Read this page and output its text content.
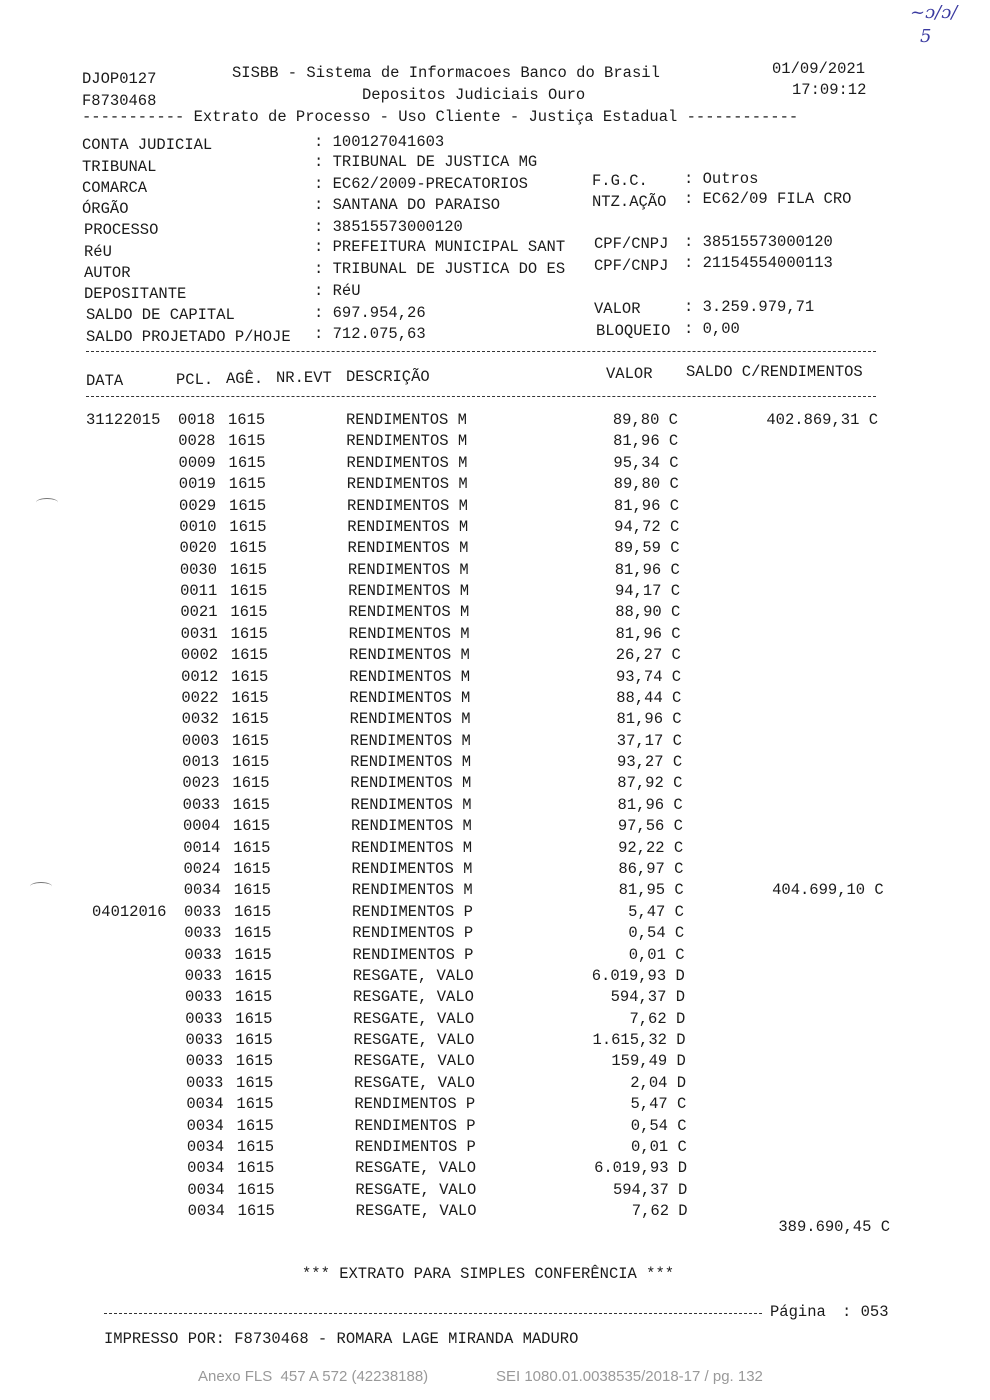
~ɔ/ɔ/
5
DJOP0127
F8730468
SISBB - Sistema de Informacoes Banco do Brasil
Depositos Judiciais Ouro
01/09/2021
17:09:12
----------- Extrato de Processo - Uso Cliente - Justiça Estadual ------------
CONTA JUDICIAL	: 100127041603
TRIBUNAL	: TRIBUNAL DE JUSTICA MG
COMARCA	: EC62/2009-PRECATORIOS	F.G.C. : Outros
ÓRGÃO	: SANTANA DO PARAISO	NTZ.AÇÃO : EC62/09 FILA CRO
PROCESSO	: 38515573000120
RéU	: PREFEITURA MUNICIPAL SANT CPF/CNPJ : 38515573000120
AUTOR	: TRIBUNAL DE JUSTICA DO ES CPF/CNPJ : 21154554000113
DEPOSITANTE	: RéU
SALDO DE CAPITAL	: 697.954,26	VALOR	: 3.259.979,71
SALDO PROJETADO P/HOJE : 712.075,63	BLOQUEIO : 0,00
DATA	PCL. AGÊ. NR.EVT DESCRIÇÃO	VALOR SALDO C/RENDIMENTOS
31122015 0018 1615	RENDIMENTOS M	89,80 C	402.869,31 C
0028 1615	RENDIMENTOS M	81,96 C
0009 1615	RENDIMENTOS M	95,34 C
0019 1615	RENDIMENTOS M	89,80 C
0029 1615	RENDIMENTOS M	81,96 C
0010 1615	RENDIMENTOS M	94,72 C
0020 1615	RENDIMENTOS M	89,59 C
0030 1615	RENDIMENTOS M	81,96 C
0011 1615	RENDIMENTOS M	94,17 C
0021 1615	RENDIMENTOS M	88,90 C
0031 1615	RENDIMENTOS M	81,96 C
0002 1615	RENDIMENTOS M	26,27 C
0012 1615	RENDIMENTOS M	93,74 C
0022 1615	RENDIMENTOS M	88,44 C
0032 1615	RENDIMENTOS M	81,96 C
0003 1615	RENDIMENTOS M	37,17 C
0013 1615	RENDIMENTOS M	93,27 C
0023 1615	RENDIMENTOS M	87,92 C
0033 1615	RENDIMENTOS M	81,96 C
0004 1615	RENDIMENTOS M	97,56 C
0014 1615	RENDIMENTOS M	92,22 C
0024 1615	RENDIMENTOS M	86,97 C
0034 1615	RENDIMENTOS M	81,95 C	404.699,10 C
04012016 0033 1615	RENDIMENTOS P	5,47 C
0033 1615	RENDIMENTOS P	0,54 C
0033 1615	RENDIMENTOS P	0,01 C
0033 1615	RESGATE, VALO	6.019,93 D
0033 1615	RESGATE, VALO	594,37 D
0033 1615	RESGATE, VALO	7,62 D
0033 1615	RESGATE, VALO	1.615,32 D
0033 1615	RESGATE, VALO	159,49 D
0033 1615	RESGATE, VALO	2,04 D
0034 1615	RENDIMENTOS P	5,47 C
0034 1615	RENDIMENTOS P	0,54 C
0034 1615	RENDIMENTOS P	0,01 C
0034 1615	RESGATE, VALO	6.019,93 D
0034 1615	RESGATE, VALO	594,37 D
0034 1615	RESGATE, VALO	7,62 D
389.690,45 C
*** EXTRATO PARA SIMPLES CONFERÊNCIA ***
Página : 053
IMPRESSO POR: F8730468 - ROMARA LAGE MIRANDA MADURO
Anexo FLS  457 A 572 (42238188)	SEI 1080.01.0038535/2018-17 / pg. 132
